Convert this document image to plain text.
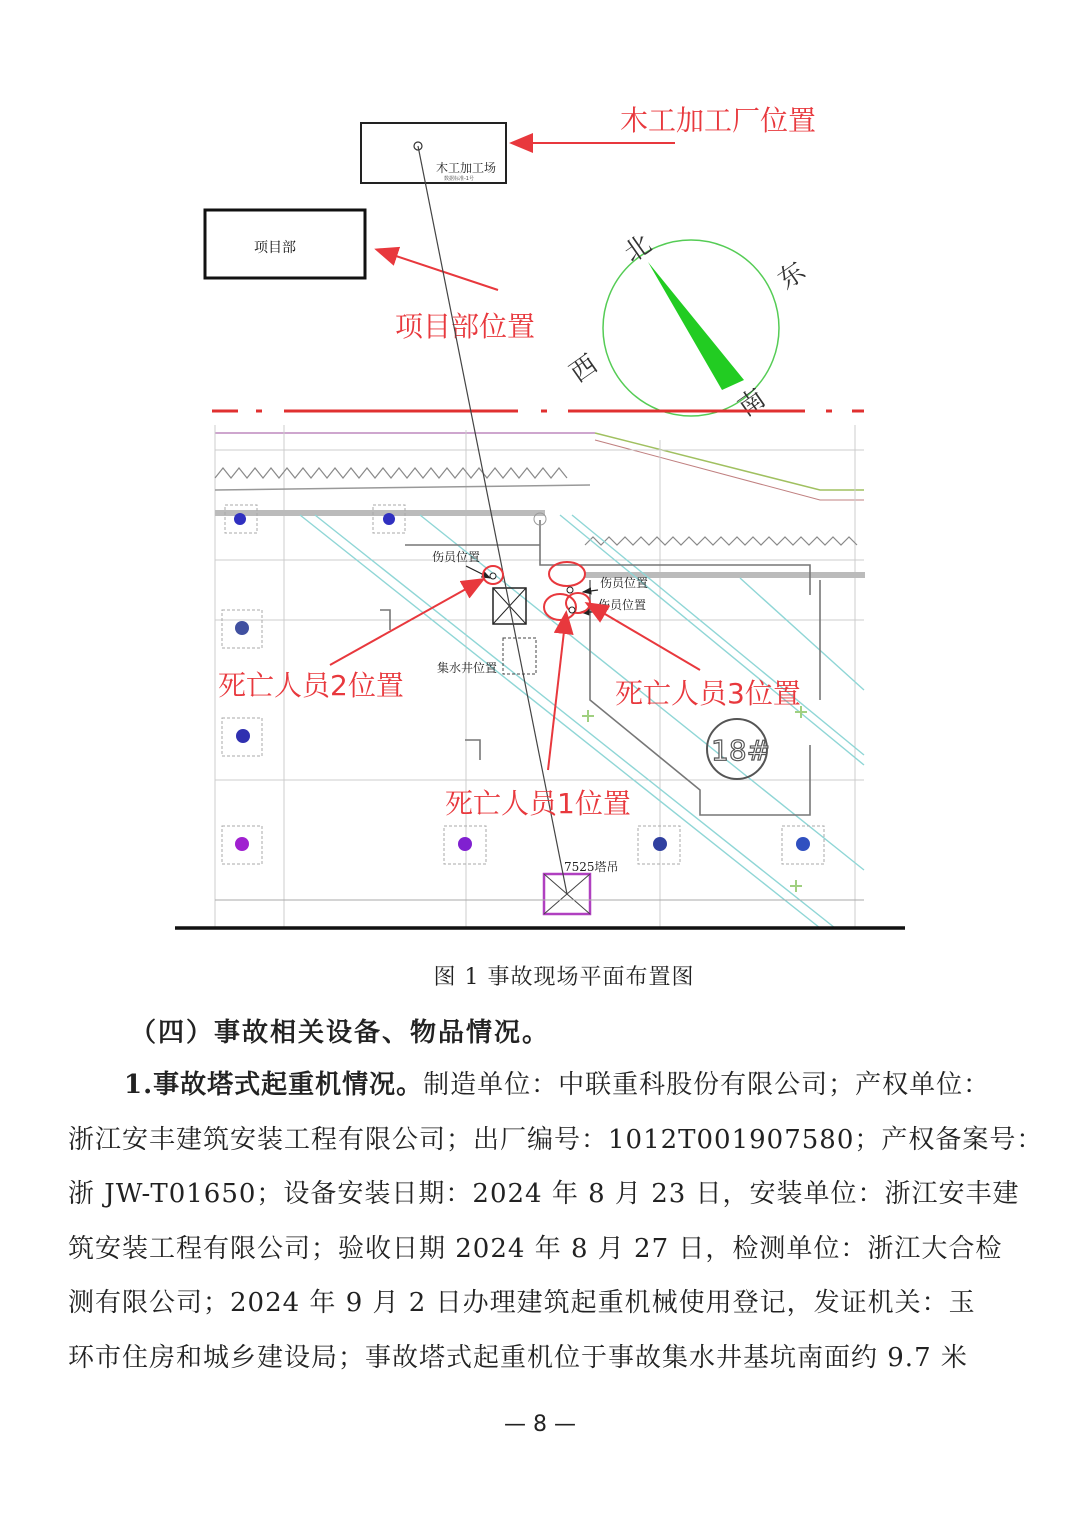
木工加工场
数据标准-1号
项目部
木工加工厂位置
项目部位置
北
东
西
南
18#
7525塔吊
伤员位置
伤员位置
伤员位置
集水井位置
死亡人员2位置	死亡人员3位置
死亡人员1位置
图 1 事故现场平面布置图
（四）事故相关设备、物品情况。
1.事故塔式起重机情况。制造单位：中联重科股份有限公司；产权单位：
浙江安丰建筑安装工程有限公司；出厂编号：1012T001907580；产权备案号：
浙 JW-T01650；设备安装日期：2024 年 8 月 23 日，安装单位：浙江安丰建
筑安装工程有限公司；验收日期 2024 年 8 月 27 日，检测单位：浙江大合检
测有限公司；2024 年 9 月 2 日办理建筑起重机械使用登记，发证机关：玉
环市住房和城乡建设局；事故塔式起重机位于事故集水井基坑南面约 9.7 米
— 8 —
